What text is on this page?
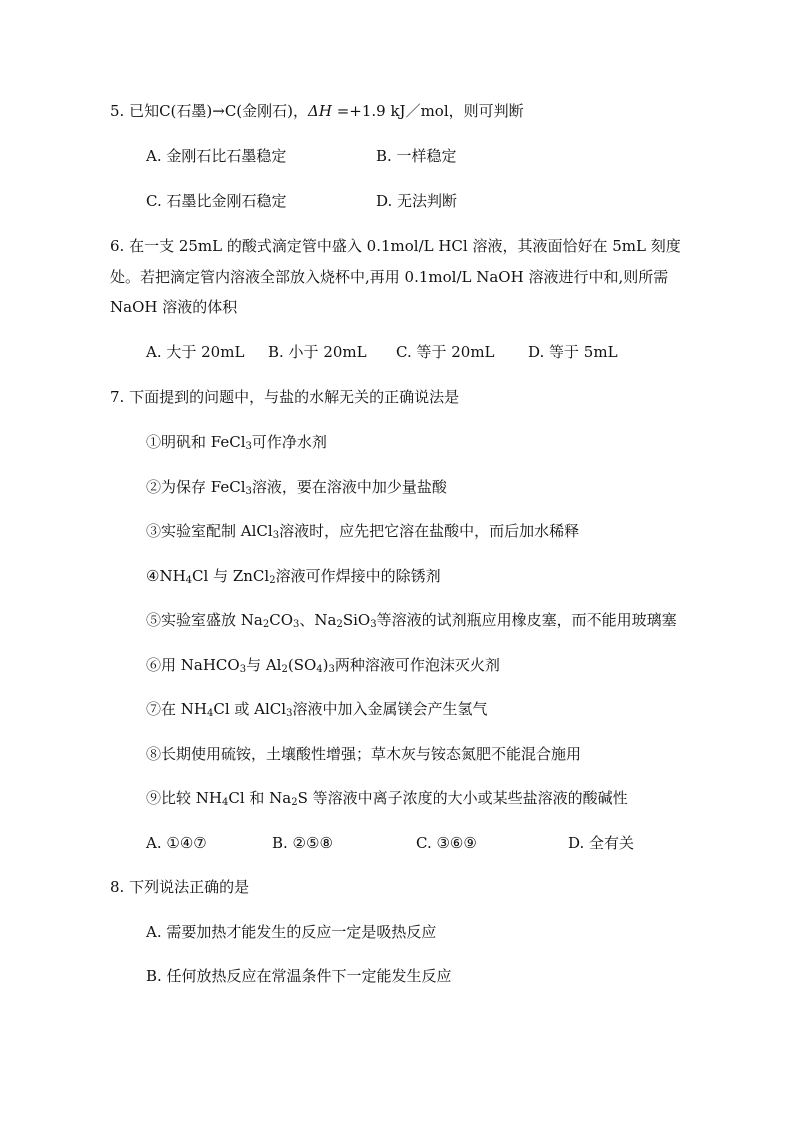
5. 已知C(石墨)→C(金刚石)，ΔH =+1.9 kJ／mol，则可判断
A. 金刚石比石墨稳定	B. 一样稳定
C. 石墨比金刚石稳定	D. 无法判断
6. 在一支 25mL 的酸式滴定管中盛入 0.1mol/L HCl 溶液，其液面恰好在 5mL 刻度
处。若把滴定管内溶液全部放入烧杯中,再用 0.1mol/L NaOH 溶液进行中和,则所需
NaOH 溶液的体积
A. 大于 20mL B. 小于 20mL C. 等于 20mL D. 等于 5mL
7. 下面提到的问题中，与盐的水解无关的正确说法是
①明矾和 FeCl$_3$可作净水剂
②为保存 FeCl$_3$溶液，要在溶液中加少量盐酸
③实验室配制 AlCl$_3$溶液时，应先把它溶在盐酸中，而后加水稀释
$④NH_4Cl$ 与 ZnCl$_2$溶液可作焊接中的除锈剂
⑤实验室盛放 $Na_2CO_3$、$Na_2SiO_3$等溶液的试剂瓶应用橡皮塞，而不能用玻璃塞
⑥用 NaHCO$_3$与 $Al_2(SO_4)_3$两种溶液可作泡沫灭火剂
⑦在 $NH_4Cl$ 或 AlCl$_3$溶液中加入金属镁会产生氢气
⑧长期使用硫铵，土壤酸性增强；草木灰与铵态氮肥不能混合施用
⑨比较 $NH_4Cl$ 和 $Na_2S$ 等溶液中离子浓度的大小或某些盐溶液的酸碱性
A. ①④⑦	B. ②⑤⑧	C. ③⑥⑨	D. 全有关
8. 下列说法正确的是
A. 需要加热才能发生的反应一定是吸热反应
B. 任何放热反应在常温条件下一定能发生反应
